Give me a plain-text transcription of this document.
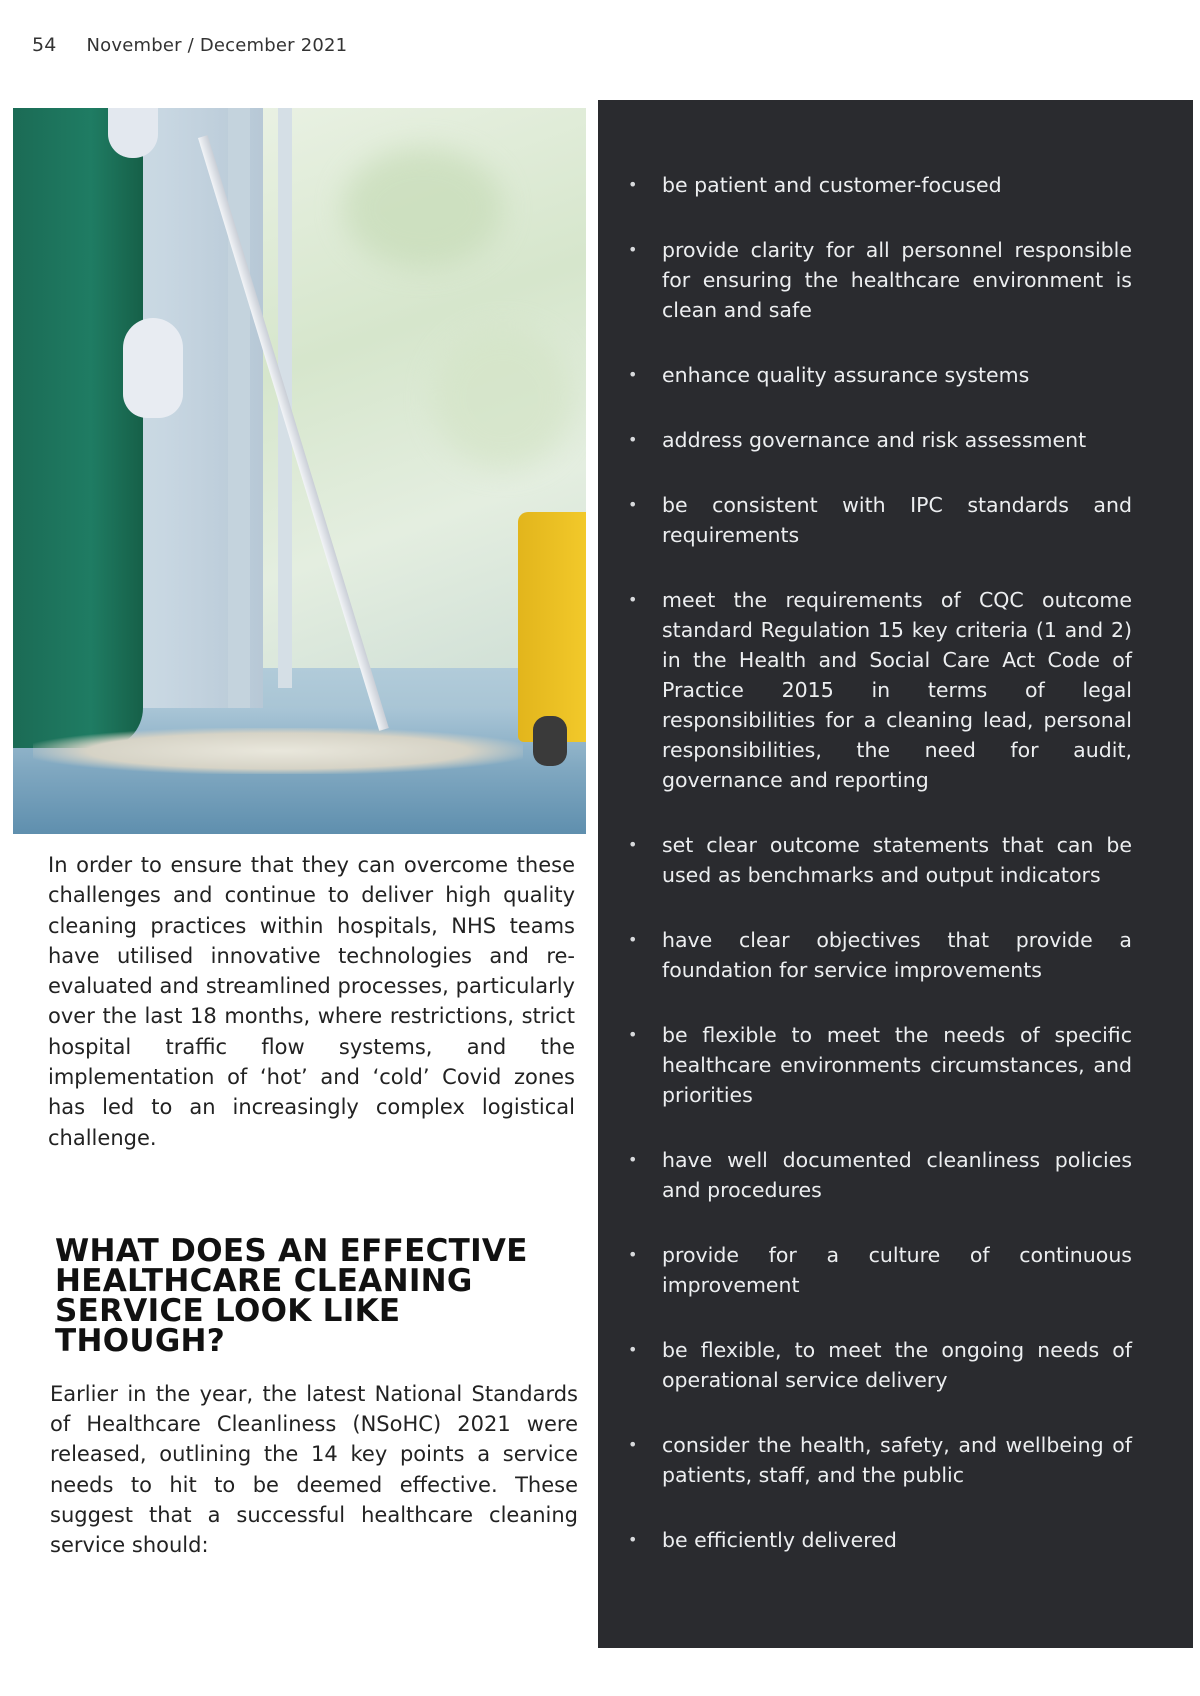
54 November / December 2021

In order to ensure that they can overcome these challenges and continue to deliver high quality cleaning practices within hospitals, NHS teams have utilised innovative technologies and re-evaluated and streamlined processes, particularly over the last 18 months, where restrictions, strict hospital traffic flow systems, and the implementation of ‘hot’ and ‘cold’ Covid zones has led to an increasingly complex logistical challenge.

WHAT DOES AN EFFECTIVE HEALTHCARE CLEANING SERVICE LOOK LIKE THOUGH?

Earlier in the year, the latest National Standards of Healthcare Cleanliness (NSoHC) 2021 were released, outlining the 14 key points a service needs to hit to be deemed effective. These suggest that a successful healthcare cleaning service should:

• be patient and customer-focused
• provide clarity for all personnel responsible for ensuring the healthcare environment is clean and safe
• enhance quality assurance systems
• address governance and risk assessment
• be consistent with IPC standards and requirements
• meet the requirements of CQC outcome standard Regulation 15 key criteria (1 and 2) in the Health and Social Care Act Code of Practice 2015 in terms of legal responsibilities for a cleaning lead, personal responsibilities, the need for audit, governance and reporting
• set clear outcome statements that can be used as benchmarks and output indicators
• have clear objectives that provide a foundation for service improvements
• be flexible to meet the needs of specific healthcare environments circumstances, and priorities
• have well documented cleanliness policies and procedures
• provide for a culture of continuous improvement
• be flexible, to meet the ongoing needs of operational service delivery
• consider the health, safety, and wellbeing of patients, staff, and the public
• be efficiently delivered
